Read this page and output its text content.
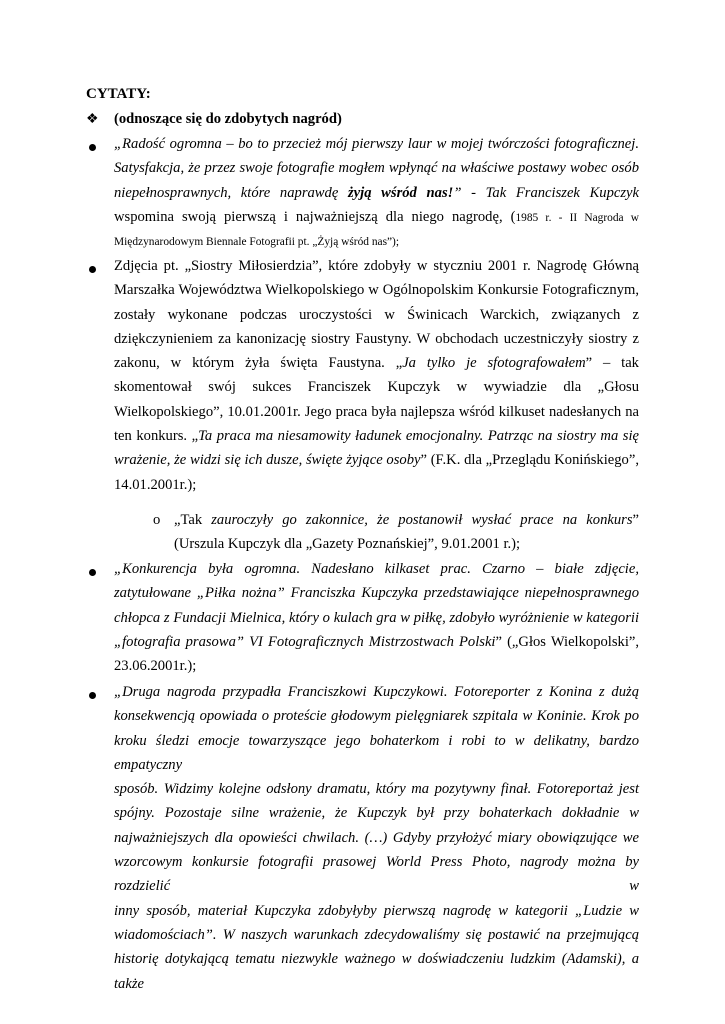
CYTATY:
❖ (odnoszące się do zdobytych nagród)
„Radość ogromna – bo to przecież mój pierwszy laur w mojej twórczości fotograficznej.
Satysfakcja, że przez swoje fotografie mogłem wpłynąć na właściwe postawy wobec osób
niepełnosprawnych, które naprawdę żyją wśród nas!” - Tak Franciszek Kupczyk
wspomina swoją pierwszą i najważniejszą dla niego nagrodę, (1985 r. - II Nagroda w
Międzynarodowym Biennale Fotografii pt. „Żyją wśród nas”);
Zdjęcia pt. „Siostry Miłosierdzia”, które zdobyły w styczniu 2001 r. Nagrodę Główną
Marszałka Województwa Wielkopolskiego w Ogólnopolskim Konkursie Fotograficznym,
zostały wykonane podczas uroczystości w Świnicach Warckich, związanych z
dziękczynieniem za kanonizację siostry Faustyny. W obchodach uczestniczyły siostry z
zakonu, w którym żyła święta Faustyna. „Ja tylko je sfotografowałem” – tak
skomentował swój sukces Franciszek Kupczyk w wywiadzie dla „Głosu
Wielkopolskiego”, 10.01.2001r. Jego praca była najlepsza wśród kilkuset nadesłanych na
ten konkurs. „Ta praca ma niesamowity ładunek emocjonalny. Patrząc na siostry ma się
wrażenie, że widzi się ich dusze, święte żyjące osoby” (F.K. dla „Przeglądu Konińskiego”,
14.01.2001r.);
o „Tak zauroczyły go zakonnice, że postanowił wysłać prace na konkurs”
(Urszula Kupczyk dla „Gazety Poznańskiej”, 9.01.2001 r.);
„Konkurencja była ogromna. Nadesłano kilkaset prac. Czarno – białe zdjęcie,
zatytułowane „Piłka nożna” Franciszka Kupczyka przedstawiające niepełnosprawnego
chłopca z Fundacji Mielnica, który o kulach gra w piłkę, zdobyło wyróżnienie w kategorii
„fotografia prasowa” VI Fotograficznych Mistrzostwach Polski” („Głos Wielkopolski”,
23.06.2001r.);
„Druga nagroda przypadła Franciszkowi Kupczykowi. Fotoreporter z Konina z dużą
konsekwencją opowiada o proteście głodowym pielęgniarek szpitala w Koninie. Krok po
kroku śledzi emocje towarzyszące jego bohaterkom i robi to w delikatny, bardzo empatyczny
sposób. Widzimy kolejne odsłony dramatu, który ma pozytywny finał. Fotoreportaż jest
spójny. Pozostaje silne wrażenie, że Kupczyk był przy bohaterkach dokładnie w
najważniejszych dla opowieści chwilach. (…) Gdyby przyłożyć miary obowiązujące we
wzorcowym konkursie fotografii prasowej World Press Photo, nagrody można by rozdzielić w
inny sposób, materiał Kupczyka zdobyłyby pierwszą nagrodę w kategorii „Ludzie w
wiadomościach”. W naszych warunkach zdecydowaliśmy się postawić na przejmującą
historię dotykającą tematu niezwykle ważnego w doświadczeniu ludzkim (Adamski), a także
